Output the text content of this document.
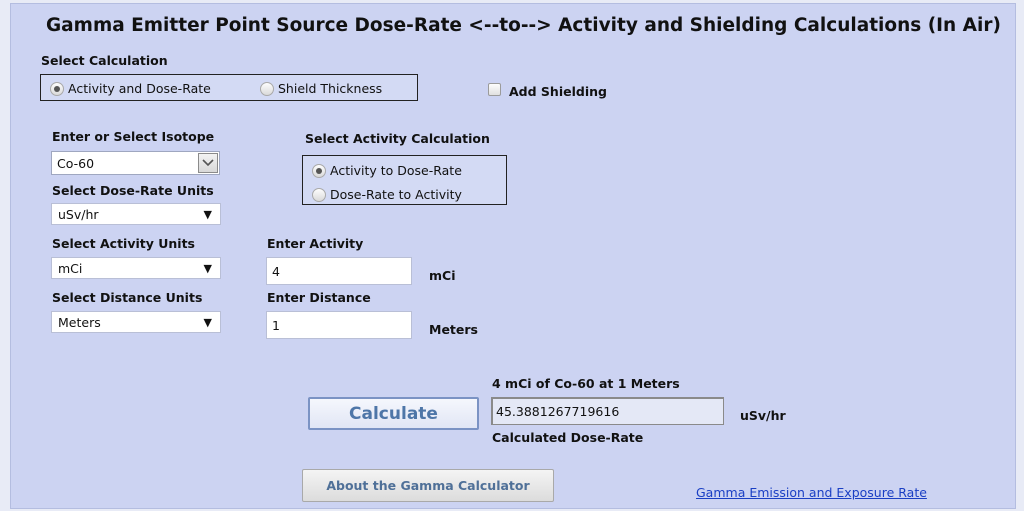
Gamma Emitter Point Source Dose-Rate <--to--> Activity and Shielding Calculations (In Air)
Select Calculation
Activity and Dose-Rate	Shield Thickness	Add Shielding
Enter or Select Isotope
Co-60
Select Dose-Rate Units
uSv/hr	▼
Select Activity Calculation
Activity to Dose-Rate
Dose-Rate to Activity
Select Activity Units
mCi	▼
Enter Activity
4	mCi
Select Distance Units
Meters	▼
Enter Distance
1	Meters
4 mCi of Co-60 at 1 Meters
Calculate	45.3881267719616	uSv/hr
Calculated Dose-Rate
About the Gamma Calculator	Gamma Emission and Exposure Rate
